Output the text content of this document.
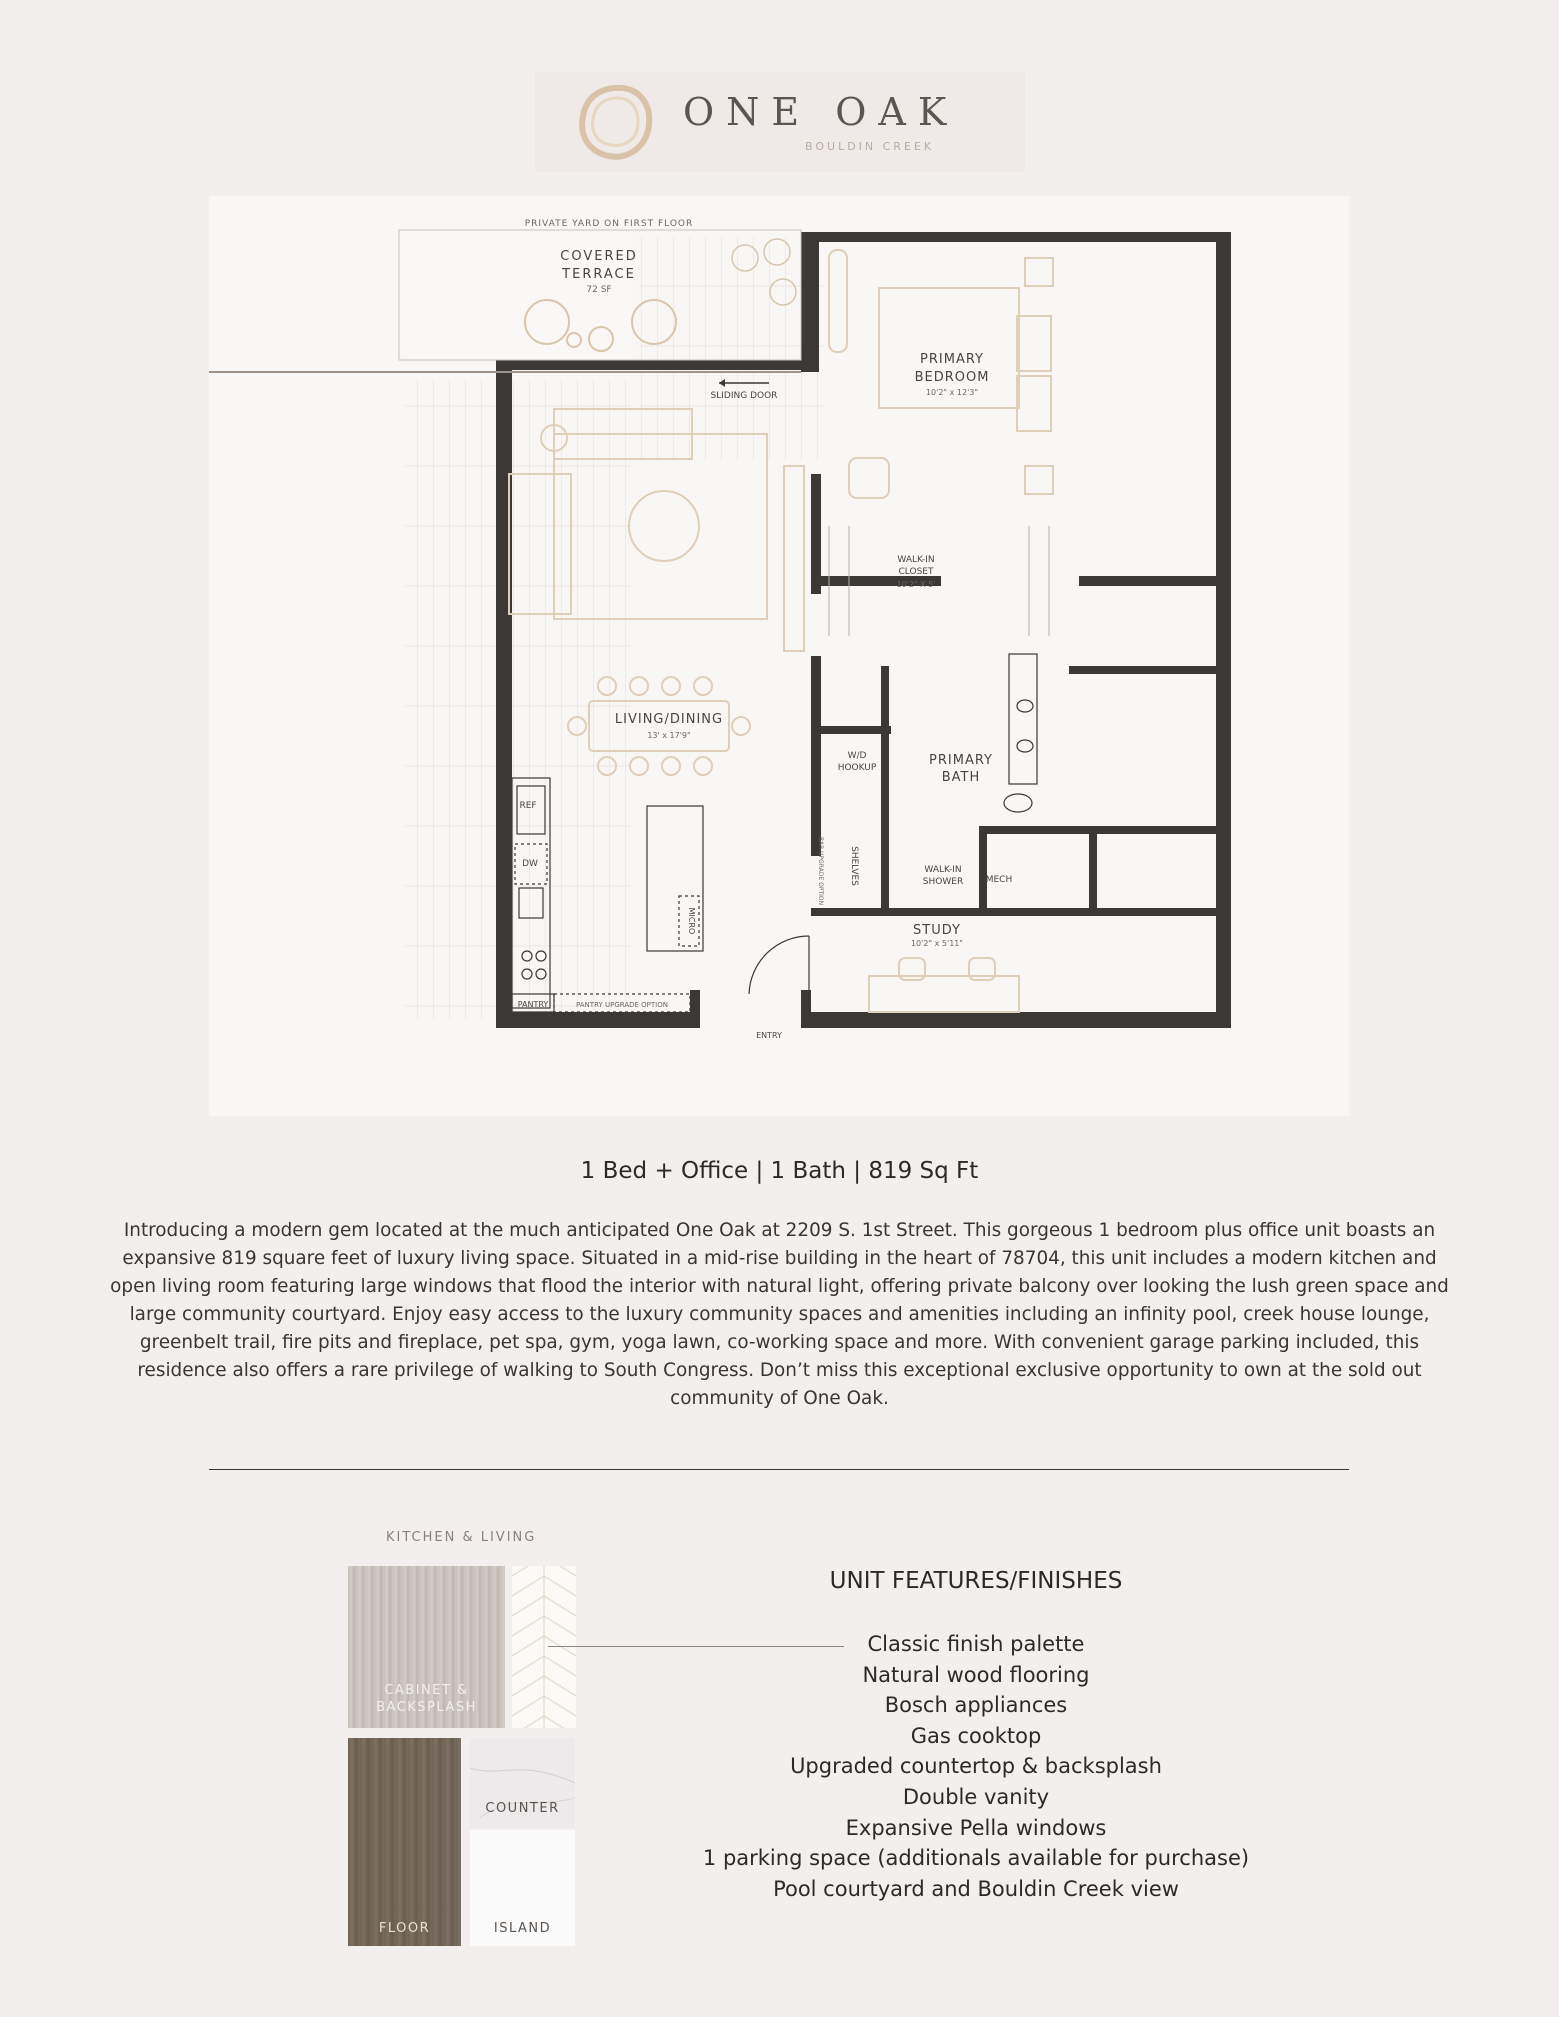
ONE OAK
BOULDIN CREEK
PRIVATE YARD ON FIRST FLOOR
COVERED
TERRACE
72 SF
SLIDING DOOR
LIVING/DINING
13' x 17'9"
REF
DW
MICRO
PANTRY	PANTRY UPGRADE OPTION
ENTRY
PRIMARY
BEDROOM
10'2" x 12'3"
WALK-IN
CLOSET
10'2" X 5'
W/D
HOOKUP	PRIMARY
BATH
SHELVES
BAR UPGRADE OPTION	WALK-IN
SHOWER	MECH
STUDY
10'2" x 5'11"
1 Bed + Office | 1 Bath | 819 Sq Ft
Introducing a modern gem located at the much anticipated One Oak at 2209 S. 1st Street. This gorgeous 1 bedroom plus office unit boasts an expansive 819 square feet of luxury living space. Situated in a mid-rise building in the heart of 78704, this unit includes a modern kitchen and open living room featuring large windows that flood the interior with natural light, offering private balcony over looking the lush green space and large community courtyard. Enjoy easy access to the luxury community spaces and amenities including an infinity pool, creek house lounge, greenbelt trail, fire pits and fireplace, pet spa, gym, yoga lawn, co-working space and more. With convenient garage parking included, this residence also offers a rare privilege of walking to South Congress. Don’t miss this exceptional exclusive opportunity to own at the sold out community of One Oak.
KITCHEN & LIVING
CABINET &
BACKSPLASH
FLOOR
COUNTER
ISLAND
UNIT FEATURES/FINISHES
Classic finish palette
Natural wood flooring
Bosch appliances
Gas cooktop
Upgraded countertop & backsplash
Double vanity
Expansive Pella windows
1 parking space (additionals available for purchase)
Pool courtyard and Bouldin Creek view
